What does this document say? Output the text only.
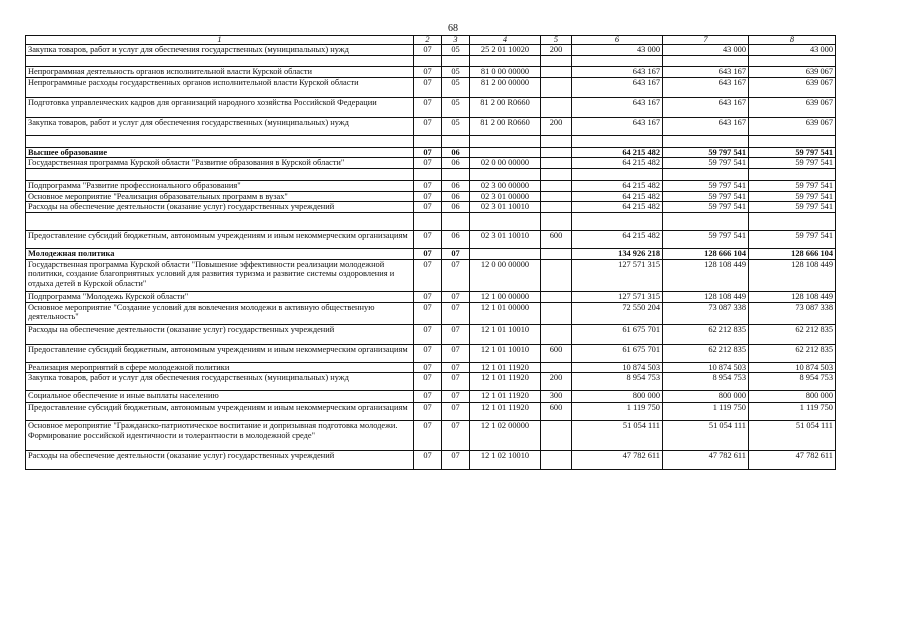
68
1	2	3	4	5	6	7	8
Закупка товаров, работ и услуг для обеспечения государственных (муниципальных) нужд	07	05	25 2 01 10020	200	43 000	43 000	43 000

Непрограммная деятельность органов исполнительной власти Курской области	07	05	81 0 00 00000		643 167	643 167	639 067
Непрограммные расходы государственных органов исполнительной власти Курской области	07	05	81 2 00 00000		643 167	643 167	639 067
Подготовка управленческих кадров для организаций народного хозяйства Российской Федерации	07	05	81 2 00 R0660		643 167	643 167	639 067
Закупка товаров, работ и услуг для обеспечения государственных (муниципальных) нужд	07	05	81 2 00 R0660	200	643 167	643 167	639 067

Высшее образование	07	06			64 215 482	59 797 541	59 797 541
Государственная программа Курской области "Развитие образования в Курской области"	07	06	02 0 00 00000		64 215 482	59 797 541	59 797 541

Подпрограмма "Развитие профессионального образования"	07	06	02 3 00 00000		64 215 482	59 797 541	59 797 541
Основное мероприятие "Реализация образовательных программ в вузах"	07	06	02 3 01 00000		64 215 482	59 797 541	59 797 541
Расходы на обеспечение деятельности (оказание услуг) государственных учреждений	07	06	02 3 01 10010		64 215 482	59 797 541	59 797 541

Предоставление субсидий бюджетным, автономным учреждениям и иным некоммерческим организациям	07	06	02 3 01 10010	600	64 215 482	59 797 541	59 797 541
Молодежная политика	07	07			134 926 218	128 666 104	128 666 104
Государственная программа Курской области "Повышение эффективности реализации молодежной политики, создание благоприятных условий для развития туризма и развитие системы оздоровления и отдыха детей в Курской области"	07	07	12 0 00 00000		127 571 315	128 108 449	128 108 449
Подпрограмма "Молодежь Курской области"	07	07	12 1 00 00000		127 571 315	128 108 449	128 108 449
Основное мероприятие "Создание условий для вовлечения молодежи в активную общественную деятельность"	07	07	12 1 01 00000		72 550 204	73 087 338	73 087 338
Расходы на обеспечение деятельности (оказание услуг) государственных учреждений	07	07	12 1 01 10010		61 675 701	62 212 835	62 212 835
Предоставление субсидий бюджетным, автономным учреждениям и иным некоммерческим организациям	07	07	12 1 01 10010	600	61 675 701	62 212 835	62 212 835
Реализация мероприятий в сфере молодежной политики	07	07	12 1 01 11920		10 874 503	10 874 503	10 874 503
Закупка товаров, работ и услуг для обеспечения государственных (муниципальных) нужд	07	07	12 1 01 11920	200	8 954 753	8 954 753	8 954 753
Социальное обеспечение и иные выплаты населению	07	07	12 1 01 11920	300	800 000	800 000	800 000
Предоставление субсидий бюджетным, автономным учреждениям и иным некоммерческим организациям	07	07	12 1 01 11920	600	1 119 750	1 119 750	1 119 750
Основное мероприятие "Гражданско-патриотическое воспитание и допризывная подготовка молодежи. Формирование российской идентичности и толерантности в молодежной среде"	07	07	12 1 02 00000		51 054 111	51 054 111	51 054 111
Расходы на обеспечение деятельности (оказание услуг) государственных учреждений	07	07	12 1 02 10010		47 782 611	47 782 611	47 782 611
